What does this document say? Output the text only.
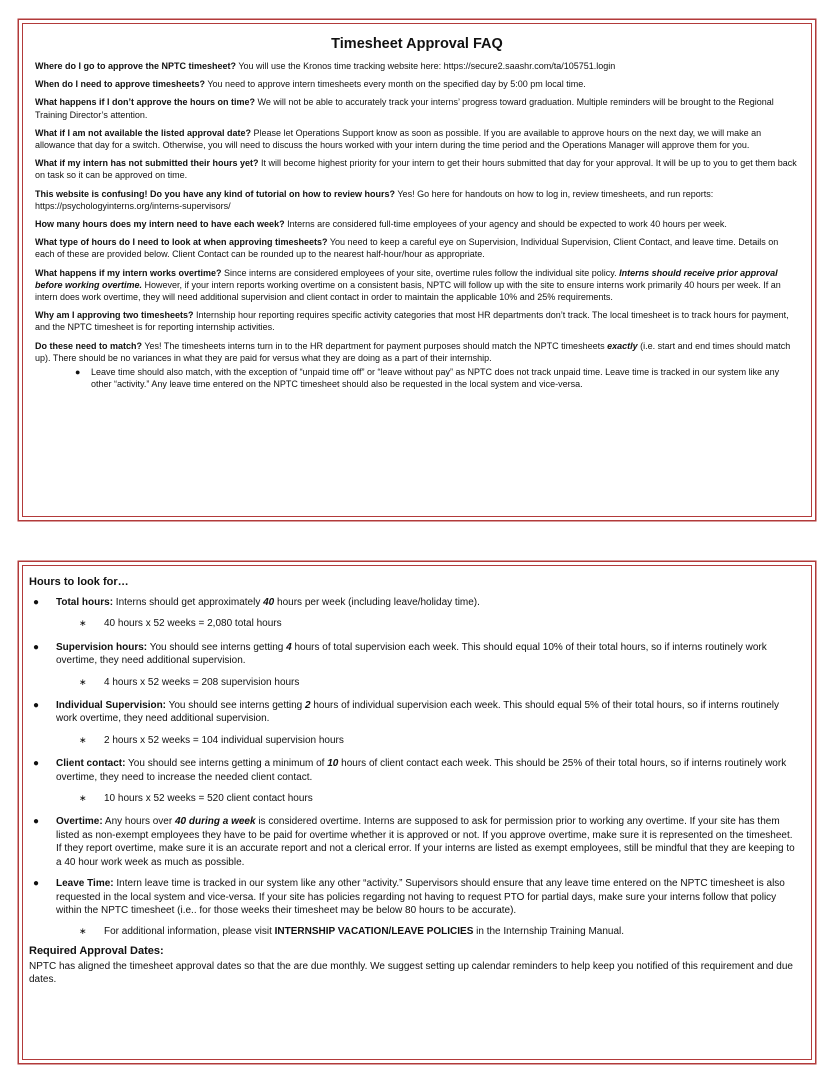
Timesheet Approval FAQ

Where do I go to approve the NPTC timesheet? You will use the Kronos time tracking website here: https://secure2.saashr.com/ta/105751.login

When do I need to approve timesheets? You need to approve intern timesheets every month on the specified day by 5:00 pm local time.

What happens if I don’t approve the hours on time? We will not be able to accurately track your interns’ progress toward graduation. Multiple reminders will be brought to the Regional Training Director’s attention.

What if I am not available the listed approval date? Please let Operations Support know as soon as possible. If you are available to approve hours on the next day, we will make an allowance that day for a switch. Otherwise, you will need to discuss the hours worked with your intern during the time period and the Operations Manager will approve them for you.

What if my intern has not submitted their hours yet? It will become highest priority for your intern to get their hours submitted that day for your approval. It will be up to you to get them back on task so it can be approved on time.

This website is confusing! Do you have any kind of tutorial on how to review hours? Yes! Go here for handouts on how to log in, review timesheets, and run reports: https://psychologyinterns.org/interns-supervisors/

How many hours does my intern need to have each week? Interns are considered full-time employees of your agency and should be expected to work 40 hours per week.

What type of hours do I need to look at when approving timesheets? You need to keep a careful eye on Supervision, Individual Supervision, Client Contact, and leave time. Details on each of these are provided below. Client Contact can be rounded up to the nearest half-hour/hour as appropriate.

What happens if my intern works overtime? Since interns are considered employees of your site, overtime rules follow the individual site policy. Interns should receive prior approval before working overtime. However, if your intern reports working overtime on a consistent basis, NPTC will follow up with the site to ensure interns work primarily 40 hours per week. If an intern does work overtime, they will need additional supervision and client contact in order to maintain the applicable 10% and 25% requirements.

Why am I approving two timesheets? Internship hour reporting requires specific activity categories that most HR departments don’t track. The local timesheet is to track hours for payment, and the NPTC timesheet is for reporting internship activities.

Do these need to match? Yes! The timesheets interns turn in to the HR department for payment purposes should match the NPTC timesheets exactly (i.e. start and end times should match up). There should be no variances in what they are paid for versus what they are doing as a part of their internship.

●	Leave time should also match, with the exception of “unpaid time off” or “leave without pay” as NPTC does not track unpaid time. Leave time is tracked in our system like any other “activity.” Any leave time entered on the NPTC timesheet should also be requested in the local system and vice-versa.
Hours to look for…
●	Total hours: Interns should get approximately 40 hours per week (including leave/holiday time).
∗	40 hours x 52 weeks = 2,080 total hours
●	Supervision hours: You should see interns getting 4 hours of total supervision each week. This should equal 10% of their total hours, so if interns routinely work overtime, they need additional supervision.
∗	4 hours x 52 weeks = 208 supervision hours
●	Individual Supervision: You should see interns getting 2 hours of individual supervision each week. This should equal 5% of their total hours, so if interns routinely work overtime, they need additional supervision.
∗	2 hours x 52 weeks = 104 individual supervision hours
●	Client contact: You should see interns getting a minimum of 10 hours of client contact each week. This should be 25% of their total hours, so if interns routinely work overtime, they need to increase the needed client contact.
∗	10 hours x 52 weeks = 520 client contact hours
●	Overtime: Any hours over 40 during a week is considered overtime. Interns are supposed to ask for permission prior to working any overtime. If your site has them listed as non-exempt employees they have to be paid for overtime whether it is approved or not. If you approve overtime, make sure it is represented on the timesheet. If they report overtime, make sure it is an accurate report and not a clerical error. If your interns are listed as exempt employees, still be mindful that they are keeping to a 40 hour work week as much as possible.
●	Leave Time: Intern leave time is tracked in our system like any other “activity.” Supervisors should ensure that any leave time entered on the NPTC timesheet is also requested in the local system and vice-versa. If your site has policies regarding not having to request PTO for partial days, make sure your interns follow that policy within the NPTC timesheet (i.e.. for those weeks their timesheet may be below 80 hours to be accurate).
∗	For additional information, please visit INTERNSHIP VACATION/LEAVE POLICIES in the Internship Training Manual.
Required Approval Dates:
NPTC has aligned the timesheet approval dates so that the are due monthly. We suggest setting up calendar reminders to help keep you notified of this requirement and due dates.
